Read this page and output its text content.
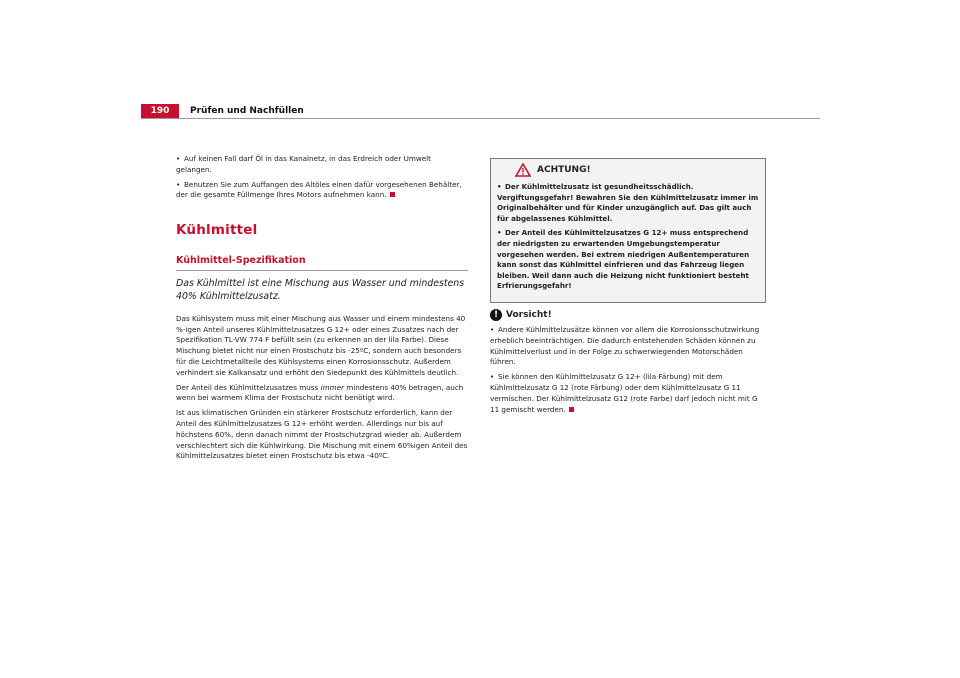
190	Prüfen und Nachfüllen

• Auf keinen Fall darf Öl in das Kanalnetz, in das Erdreich oder Umwelt gelangen.

• Benutzen Sie zum Auffangen des Altöles einen dafür vorgesehenen Behälter, der die gesamte Füllmenge Ihres Motors aufnehmen kann.

Kühlmittel
Kühlmittel-Spezifikation

Das Kühlmittel ist eine Mischung aus Wasser und mindestens 40% Kühlmittelzusatz.

Das Kühlsystem muss mit einer Mischung aus Wasser und einem mindestens 40 %-igen Anteil unseres Kühlmittelzusatzes G 12+ oder eines Zusatzes nach der Spezifikation TL-VW 774 F befüllt sein (zu erkennen an der lila Farbe). Diese Mischung bietet nicht nur einen Frostschutz bis -25ºC, sondern auch besonders für die Leichtmetallteile des Kühlsystems einen Korrosionsschutz. Außerdem verhindert sie Kalkansatz und erhöht den Siedepunkt des Kühlmittels deutlich.

Der Anteil des Kühlmittelzusatzes muss immer mindestens 40% betragen, auch wenn bei warmem Klima der Frostschutz nicht benötigt wird.

Ist aus klimatischen Gründen ein stärkerer Frostschutz erforderlich, kann der Anteil des Kühlmittelzusatzes G 12+ erhöht werden. Allerdings nur bis auf höchstens 60%, denn danach nimmt der Frostschutzgrad wieder ab. Außerdem verschlechtert sich die Kühlwirkung. Die Mischung mit einem 60%igen Anteil des Kühlmittelzusatzes bietet einen Frostschutz bis etwa -40ºC.

ACHTUNG!

• Der Kühlmittelzusatz ist gesundheitsschädlich. Vergiftungsgefahr! Bewahren Sie den Kühlmittelzusatz immer im Originalbehälter und für Kinder unzugänglich auf. Das gilt auch für abgelassenes Kühlmittel.

• Der Anteil des Kühlmittelzusatzes G 12+ muss entsprechend der niedrigsten zu erwartenden Umgebungstemperatur vorgesehen werden. Bei extrem niedrigen Außentemperaturen kann sonst das Kühlmittel einfrieren und das Fahrzeug liegen bleiben. Weil dann auch die Heizung nicht funktioniert besteht Erfrierungsgefahr!

! Vorsicht!

• Andere Kühlmittelzusätze können vor allem die Korrosionsschutzwirkung erheblich beeinträchtigen. Die dadurch entstehenden Schäden können zu Kühlmittelverlust und in der Folge zu schwerwiegenden Motorschäden führen.

• Sie können den Kühlmittelzusatz G 12+ (lila Färbung) mit dem Kühlmittelzusatz G 12 (rote Färbung) oder dem Kühlmittelzusatz G 11 vermischen. Der Kühlmittelzusatz G12 (rote Farbe) darf jedoch nicht mit G 11 gemischt werden.
